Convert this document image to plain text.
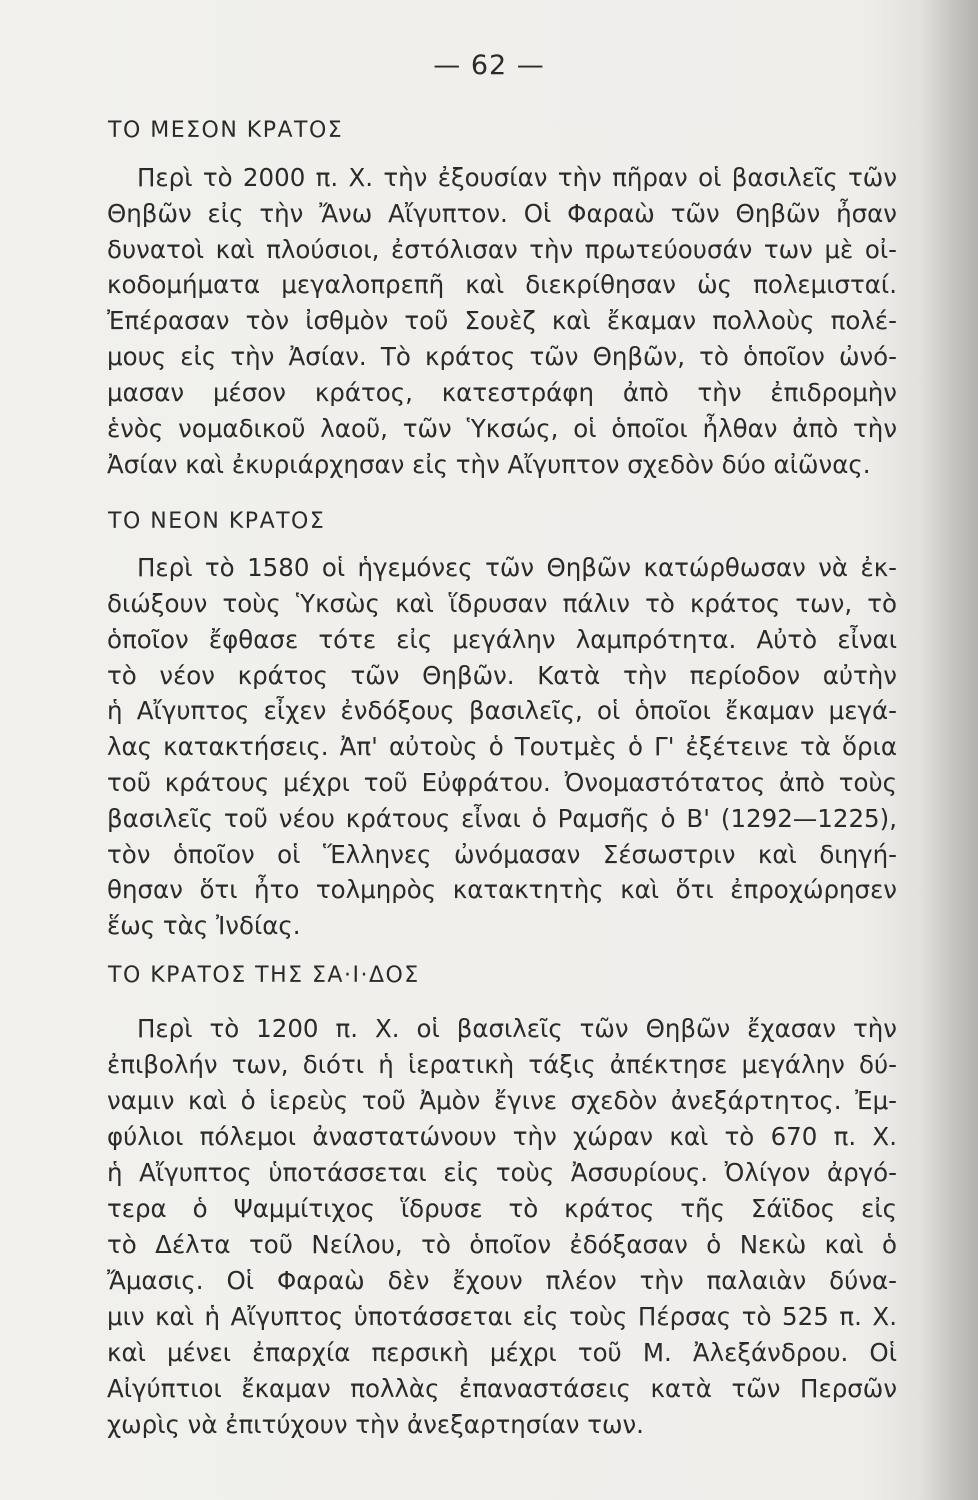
— 62 —
ΤΟ ΜΕΣΟΝ ΚΡΑΤΟΣ
Περὶ τὸ 2000 π. Χ. τὴν ἐξουσίαν τὴν πῆραν οἱ βασιλεῖς τῶν
Θηβῶν εἰς τὴν Ἄνω Αἴγυπτον. Οἱ Φαραὼ τῶν Θηβῶν ἦσαν
δυνατοὶ καὶ πλούσιοι, ἐστόλισαν τὴν πρωτεύουσάν των μὲ οἰ-
κοδομήματα μεγαλοπρεπῆ καὶ διεκρίθησαν ὡς πολεμισταί.
Ἐπέρασαν τὸν ἰσθμὸν τοῦ Σουὲζ καὶ ἔκαμαν πολλοὺς πολέ-
μους εἰς τὴν Ἀσίαν. Τὸ κράτος τῶν Θηβῶν, τὸ ὁποῖον ὠνό-
μασαν μέσον κράτος, κατεστράφη ἀπὸ τὴν ἐπιδρομὴν
ἑνὸς νομαδικοῦ λαοῦ, τῶν Ὑκσώς, οἱ ὁποῖοι ἦλθαν ἀπὸ τὴν
Ἀσίαν καὶ ἐκυριάρχησαν εἰς τὴν Αἴγυπτον σχεδὸν δύο αἰῶνας.
ΤΟ ΝΕΟΝ ΚΡΑΤΟΣ
Περὶ τὸ 1580 οἱ ἡγεμόνες τῶν Θηβῶν κατώρθωσαν νὰ ἐκ-
διώξουν τοὺς Ὑκσὼς καὶ ἵδρυσαν πάλιν τὸ κράτος των, τὸ
ὁποῖον ἔφθασε τότε εἰς μεγάλην λαμπρότητα. Αὐτὸ εἶναι
τὸ νέον κράτος τῶν Θηβῶν. Κατὰ τὴν περίοδον αὐτὴν
ἡ Αἴγυπτος εἶχεν ἐνδόξους βασιλεῖς, οἱ ὁποῖοι ἔκαμαν μεγά-
λας κατακτήσεις. Ἀπ' αὐτοὺς ὁ Τουτμὲς ὁ Γ' ἐξέτεινε τὰ ὅρια
τοῦ κράτους μέχρι τοῦ Εὐφράτου. Ὀνομαστότατος ἀπὸ τοὺς
βασιλεῖς τοῦ νέου κράτους εἶναι ὁ Ραμσῆς ὁ Β' (1292—1225),
τὸν ὁποῖον οἱ Ἕλληνες ὠνόμασαν Σέσωστριν καὶ διηγή-
θησαν ὅτι ἦτο τολμηρὸς κατακτητὴς καὶ ὅτι ἐπροχώρησεν
ἕως τὰς Ἰνδίας.
ΤΟ ΚΡΑΤΟΣ ΤΗΣ ΣΑ·Ι·ΔΟΣ
Περὶ τὸ 1200 π. Χ. οἱ βασιλεῖς τῶν Θηβῶν ἔχασαν τὴν
ἐπιβολήν των, διότι ἡ ἱερατικὴ τάξις ἀπέκτησε μεγάλην δύ-
ναμιν καὶ ὁ ἱερεὺς τοῦ Ἀμὸν ἔγινε σχεδὸν ἀνεξάρτητος. Ἐμ-
φύλιοι πόλεμοι ἀναστατώνουν τὴν χώραν καὶ τὸ 670 π. Χ.
ἡ Αἴγυπτος ὑποτάσσεται εἰς τοὺς Ἀσσυρίους. Ὀλίγον ἀργό-
τερα ὁ Ψαμμίτιχος ἵδρυσε τὸ κράτος τῆς Σάϊδος εἰς
τὸ Δέλτα τοῦ Νείλου, τὸ ὁποῖον ἐδόξασαν ὁ Νεκὼ καὶ ὁ
Ἄμασις. Οἱ Φαραὼ δὲν ἔχουν πλέον τὴν παλαιὰν δύνα-
μιν καὶ ἡ Αἴγυπτος ὑποτάσσεται εἰς τοὺς Πέρσας τὸ 525 π. Χ.
καὶ μένει ἐπαρχία περσικὴ μέχρι τοῦ Μ. Ἀλεξάνδρου. Οἱ
Αἰγύπτιοι ἔκαμαν πολλὰς ἐπαναστάσεις κατὰ τῶν Περσῶν
χωρὶς νὰ ἐπιτύχουν τὴν ἀνεξαρτησίαν των.
